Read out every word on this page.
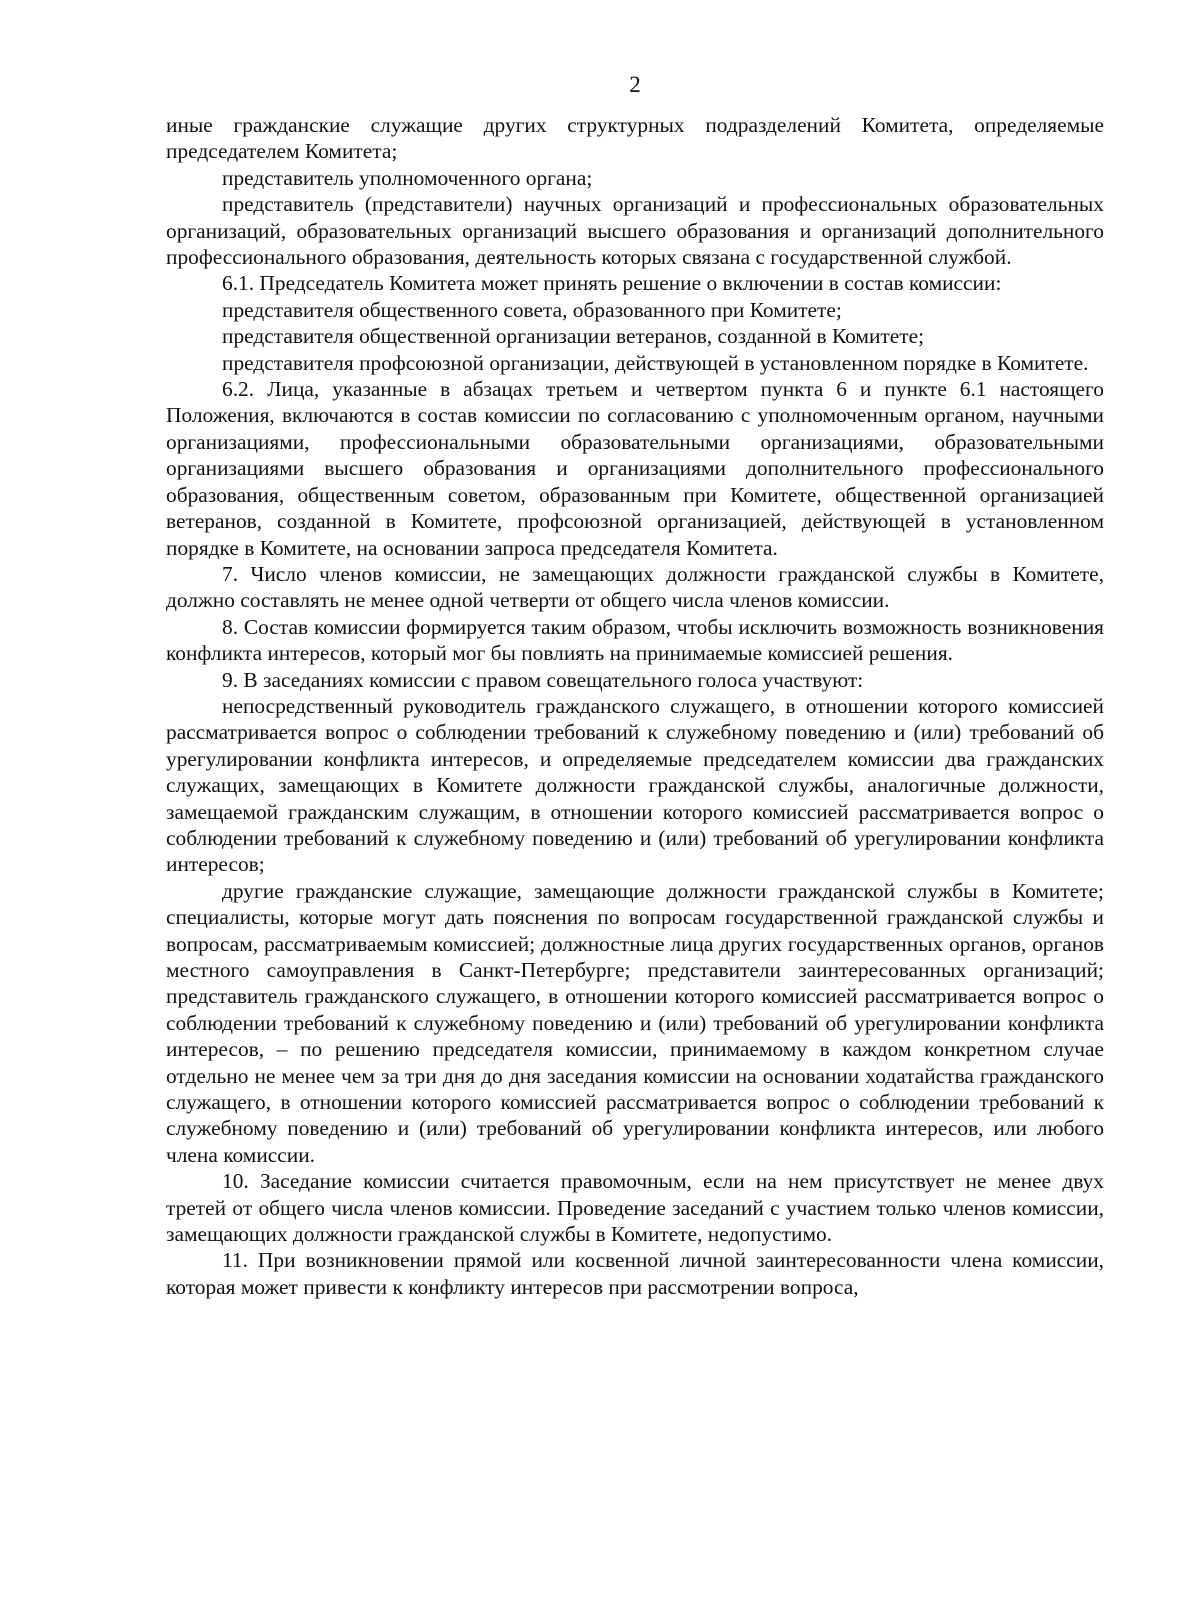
2

иные гражданские служащие других структурных подразделений Комитета, определяемые председателем Комитета;

представитель уполномоченного органа;

представитель (представители) научных организаций и профессиональных образовательных организаций, образовательных организаций высшего образования и организаций дополнительного профессионального образования, деятельность которых связана с государственной службой.

6.1. Председатель Комитета может принять решение о включении в состав комиссии:

представителя общественного совета, образованного при Комитете;

представителя общественной организации ветеранов, созданной в Комитете;

представителя профсоюзной организации, действующей в установленном порядке в Комитете.

6.2. Лица, указанные в абзацах третьем и четвертом пункта 6 и пункте 6.1 настоящего Положения, включаются в состав комиссии по согласованию с уполномоченным органом, научными организациями, профессиональными образовательными организациями, образовательными организациями высшего образования и организациями дополнительного профессионального образования, общественным советом, образованным при Комитете, общественной организацией ветеранов, созданной в Комитете, профсоюзной организацией, действующей в установленном порядке в Комитете, на основании запроса председателя Комитета.

7. Число членов комиссии, не замещающих должности гражданской службы в Комитете, должно составлять не менее одной четверти от общего числа членов комиссии.

8. Состав комиссии формируется таким образом, чтобы исключить возможность возникновения конфликта интересов, который мог бы повлиять на принимаемые комиссией решения.

9. В заседаниях комиссии с правом совещательного голоса участвуют:

непосредственный руководитель гражданского служащего, в отношении которого комиссией рассматривается вопрос о соблюдении требований к служебному поведению и (или) требований об урегулировании конфликта интересов, и определяемые председателем комиссии два гражданских служащих, замещающих в Комитете должности гражданской службы, аналогичные должности, замещаемой гражданским служащим, в отношении которого комиссией рассматривается вопрос о соблюдении требований к служебному поведению и (или) требований об урегулировании конфликта интересов;

другие гражданские служащие, замещающие должности гражданской службы в Комитете; специалисты, которые могут дать пояснения по вопросам государственной гражданской службы и вопросам, рассматриваемым комиссией; должностные лица других государственных органов, органов местного самоуправления в Санкт-Петербурге; представители заинтересованных организаций; представитель гражданского служащего, в отношении которого комиссией рассматривается вопрос о соблюдении требований к служебному поведению и (или) требований об урегулировании конфликта интересов, – по решению председателя комиссии, принимаемому в каждом конкретном случае отдельно не менее чем за три дня до дня заседания комиссии на основании ходатайства гражданского служащего, в отношении которого комиссией рассматривается вопрос о соблюдении требований к служебному поведению и (или) требований об урегулировании конфликта интересов, или любого члена комиссии.

10. Заседание комиссии считается правомочным, если на нем присутствует не менее двух третей от общего числа членов комиссии. Проведение заседаний с участием только членов комиссии, замещающих должности гражданской службы в Комитете, недопустимо.

11. При возникновении прямой или косвенной личной заинтересованности члена комиссии, которая может привести к конфликту интересов при рассмотрении вопроса,
